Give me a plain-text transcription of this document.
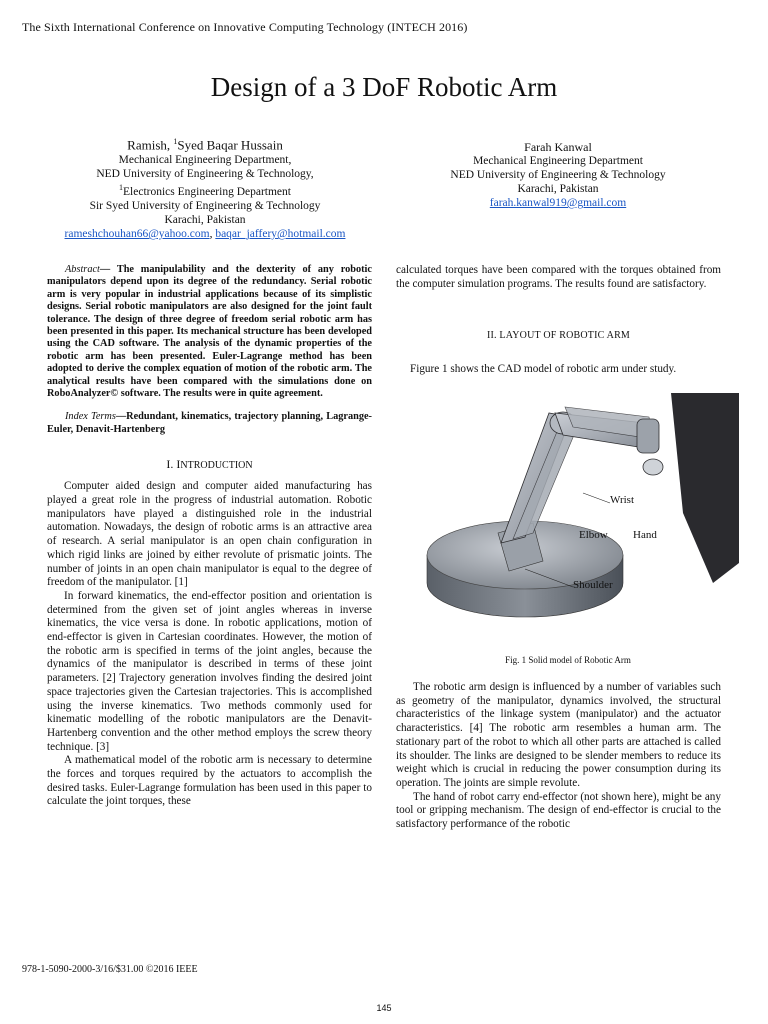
The Sixth International Conference on Innovative Computing Technology (INTECH 2016)
Design of a 3 DoF Robotic Arm
Ramish, $^1$Syed Baqar Hussain
Mechanical Engineering Department,
NED University of Engineering & Technology,
$^1$Electronics Engineering Department
Sir Syed University of Engineering & Technology
Karachi, Pakistan
rameshchouhan66@yahoo.com, baqar_jaffery@hotmail.com
Farah Kanwal
Mechanical Engineering Department
NED University of Engineering & Technology
Karachi, Pakistan
farah.kanwal919@gmail.com

Abstract— The manipulability and the dexterity of any robotic manipulators depend upon its degree of the redundancy. Serial robotic arm is very popular in industrial applications because of its simplistic designs. Serial robotic manipulators are also designed for the joint fault tolerance. The design of three degree of freedom serial robotic arm has been presented in this paper. Its mechanical structure has been developed using the CAD software. The analysis of the dynamic properties of the robotic arm has been presented. Euler-Lagrange method has been adopted to derive the complex equation of motion of the robotic arm. The analytical results have been compared with the simulations done on RoboAnalyzer© software. The results were in quite agreement.

Index Terms—Redundant, kinematics, trajectory planning, Lagrange-Euler, Denavit-Hartenberg

I. INTRODUCTION

Computer aided design and computer aided manufacturing has played a great role in the progress of industrial automation. Robotic manipulators have played a distinguished role in the industrial automation. Nowadays, the design of robotic arms is an attractive area of research. A serial manipulator is an open chain configuration in which rigid links are joined by either revolute of prismatic joints. The number of joints in an open chain manipulator is equal to the degree of freedom of the manipulator. [1]

In forward kinematics, the end-effector position and orientation is determined from the given set of joint angles whereas in inverse kinematics, the vice versa is done. In robotic applications, motion of end-effector is given in Cartesian coordinates. However, the motion of the robotic arm is specified in terms of the joint angles, because the dynamics of the manipulator is described in terms of these joint parameters. [2] Trajectory generation involves finding the desired joint space trajectories given the Cartesian trajectories. This is accomplished using the inverse kinematics. Two methods commonly used for kinematic modelling of the robotic manipulators are the Denavit-Hartenberg convention and the other method employs the screw theory technique. [3]

A mathematical model of the robotic arm is necessary to determine the forces and torques required by the actuators to accomplish the desired tasks. Euler-Lagrange formulation has been used in this paper to calculate the joint torques, these

calculated torques have been compared with the torques obtained from the computer simulation programs. The results found are satisfactory.

II. LAYOUT OF ROBOTIC ARM

Figure 1 shows the CAD model of robotic arm under study.

Wrist
Elbow Hand
Shoulder
Fig. 1 Solid model of Robotic Arm

The robotic arm design is influenced by a number of variables such as geometry of the manipulator, dynamics involved, the structural characteristics of the linkage system (manipulator) and the actuator characteristics. [4] The robotic arm resembles a human arm. The stationary part of the robot to which all other parts are attached is called its shoulder. The links are designed to be slender members to reduce its weight which is crucial in reducing the power consumption during its operation. The joints are simple revolute.

The hand of robot carry end-effector (not shown here), might be any tool or gripping mechanism. The design of end-effector is crucial to the satisfactory performance of the robotic

978-1-5090-2000-3/16/$31.00 ©2016 IEEE
145
